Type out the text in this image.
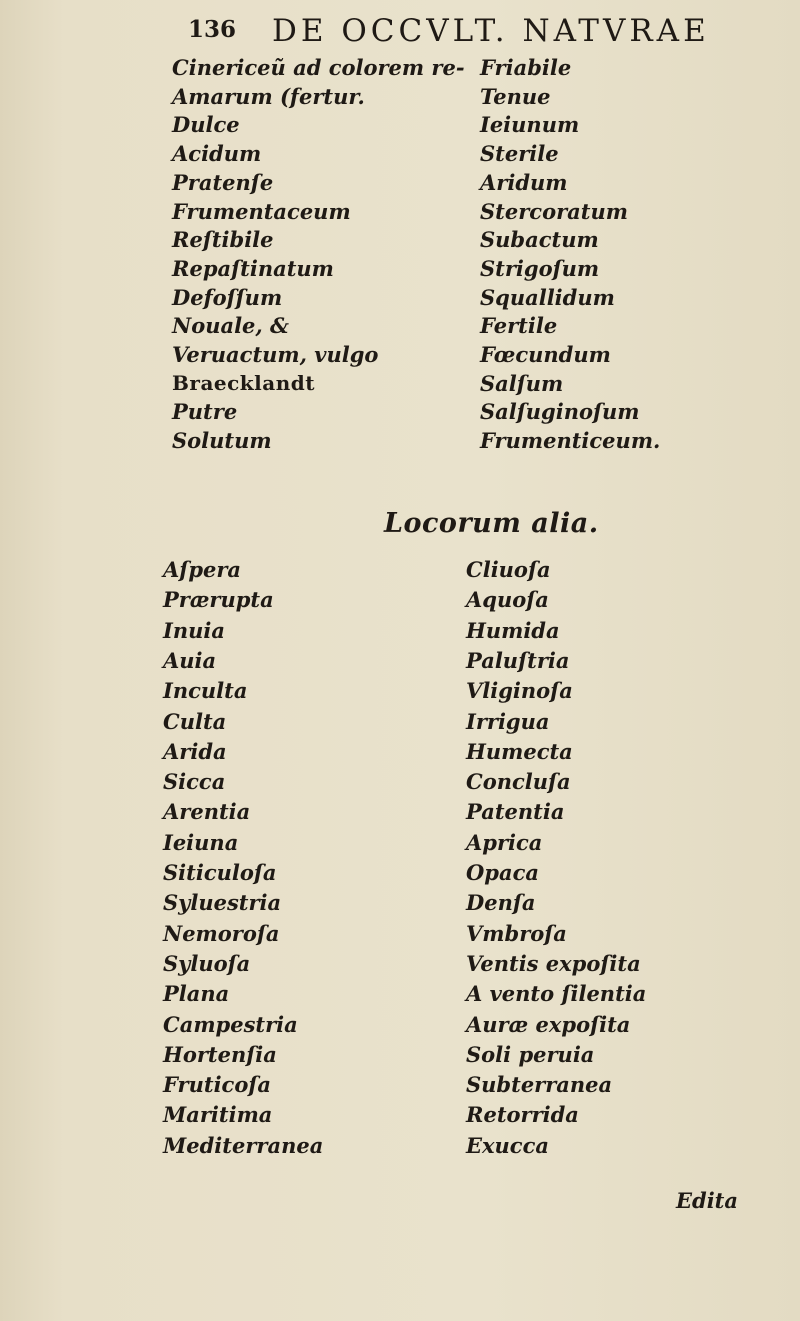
136 DE OCCVLT. NATVRAE
Cinericeũ ad colorem re-
Amarum (fertur.
Dulce
Acidum
Pratenſe
Frumentaceum
Reſtibile
Repaſtinatum
Defoſſum
Nouale, &
Veruactum, vulgo
Braecklandt
Putre
Solutum
Friabile
Tenue
Ieiunum
Sterile
Aridum
Stercoratum
Subactum
Strigoſum
Squallidum
Fertile
Fœcundum
Salſum
Salſuginoſum
Frumenticeum.
Locorum alia.
Aſpera
Prærupta
Inuia
Auia
Inculta
Culta
Arida
Sicca
Arentia
Ieiuna
Siticuloſa
Syluestria
Nemoroſa
Syluoſa
Plana
Campestria
Hortenſia
Fruticoſa
Maritima
Mediterranea
Cliuoſa
Aquoſa
Humida
Paluſtria
Vliginoſa
Irrigua
Humecta
Concluſa
Patentia
Aprica
Opaca
Denſa
Vmbroſa
Ventis expoſita
A vento ſilentia
Auræ expoſita
Soli peruia
Subterranea
Retorrida
Exucca
Edita
